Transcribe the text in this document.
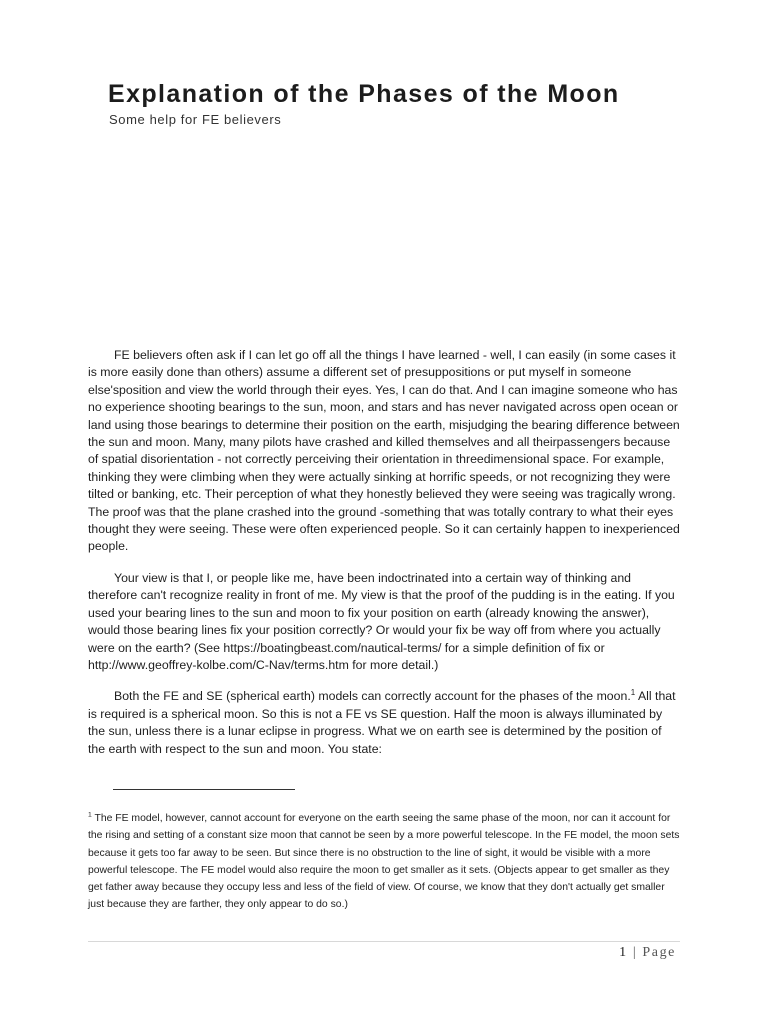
Explanation of the Phases of the Moon
Some help for FE believers

FE believers often ask if I can let go off all the things I have learned - well, I can easily (in some cases it is more easily done than others) assume a different set of presuppositions or put myself in someone else'sposition and view the world through their eyes. Yes, I can do that. And I can imagine someone who has no experience shooting bearings to the sun, moon, and stars and has never navigated across open ocean or land using those bearings to determine their position on the earth, misjudging the bearing difference between the sun and moon. Many, many pilots have crashed and killed themselves and all theirpassengers because of spatial disorientation - not correctly perceiving their orientation in threedimensional space. For example, thinking they were climbing when they were actually sinking at horrific speeds, or not recognizing they were tilted or banking, etc. Their perception of what they honestly believed they were seeing was tragically wrong. The proof was that the plane crashed into the ground -something that was totally contrary to what their eyes thought they were seeing. These were often experienced people. So it can certainly happen to inexperienced people.

Your view is that I, or people like me, have been indoctrinated into a certain way of thinking and therefore can't recognize reality in front of me. My view is that the proof of the pudding is in the eating. If you used your bearing lines to the sun and moon to fix your position on earth (already knowing the answer), would those bearing lines fix your position correctly? Or would your fix be way off from where you actually were on the earth? (See https://boatingbeast.com/nautical-terms/ for a simple definition of fix or http://www.geoffrey-kolbe.com/C-Nav/terms.htm for more detail.)

Both the FE and SE (spherical earth) models can correctly account for the phases of the moon.$^1$ All that is required is a spherical moon. So this is not a FE vs SE question. Half the moon is always illuminated by the sun, unless there is a lunar eclipse in progress. What we on earth see is determined by the position of the earth with respect to the sun and moon. You state:

$^1$ The FE model, however, cannot account for everyone on the earth seeing the same phase of the moon, nor can it account for the rising and setting of a constant size moon that cannot be seen by a more powerful telescope. In the FE model, the moon sets because it gets too far away to be seen. But since there is no obstruction to the line of sight, it would be visible with a more powerful telescope. The FE model would also require the moon to get smaller as it sets. (Objects appear to get smaller as they get father away because they occupy less and less of the field of view. Of course, we know that they don't actually get smaller just because they are farther, they only appear to do so.)

1 | Page
